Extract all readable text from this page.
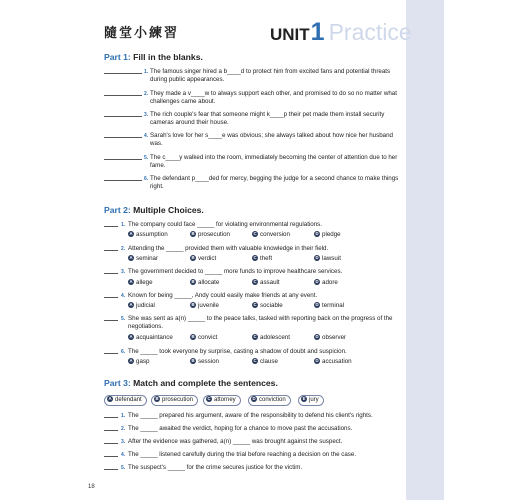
隨堂小練習	UNIT1 Practice
Part 1: Fill in the blanks.
1. The famous singer hired a b____d to protect him from excited fans and potential threats during public appearances.
2. They made a v____w to always support each other, and promised to do so no matter what challenges came about.
3. The rich couple's fear that someone might k____p their pet made them install security cameras around their house.
4. Sarah's love for her s____e was obvious; she always talked about how nice her husband was.
5. The c____y walked into the room, immediately becoming the center of attention due to her fame.
6. The defendant p____ded for mercy, begging the judge for a second chance to make things right.
Part 2: Multiple Choices.
1. The company could face _____ for violating environmental regulations.
A assumption	B prosecution	C conversion	D pledge
2. Attending the _____ provided them with valuable knowledge in their field.
A seminar	B verdict	C theft	D lawsuit
3. The government decided to _____ more funds to improve healthcare services.
A allege	B allocate	C assault	D adore
4. Known for being _____, Andy could easily make friends at any event.
A judicial	B juvenile	C sociable	D terminal
5. She was sent as a(n) _____ to the peace talks, tasked with reporting back on the progress of the negotiations.
A acquaintance	B convict	C adolescent	D observer
6. The _____ took everyone by surprise, casting a shadow of doubt and suspicion.
A gasp	B session	C clause	D accusation
Part 3: Match and complete the sentences.
A defendant	B prosecution	C attorney	D conviction	E jury
1. The _____ prepared his argument, aware of the responsibility to defend his client's rights.
2. The _____ awaited the verdict, hoping for a chance to move past the accusations.
3. After the evidence was gathered, a(n) _____ was brought against the suspect.
4. The _____ listened carefully during the trial before reaching a decision on the case.
5. The suspect's _____ for the crime secures justice for the victim.
18
